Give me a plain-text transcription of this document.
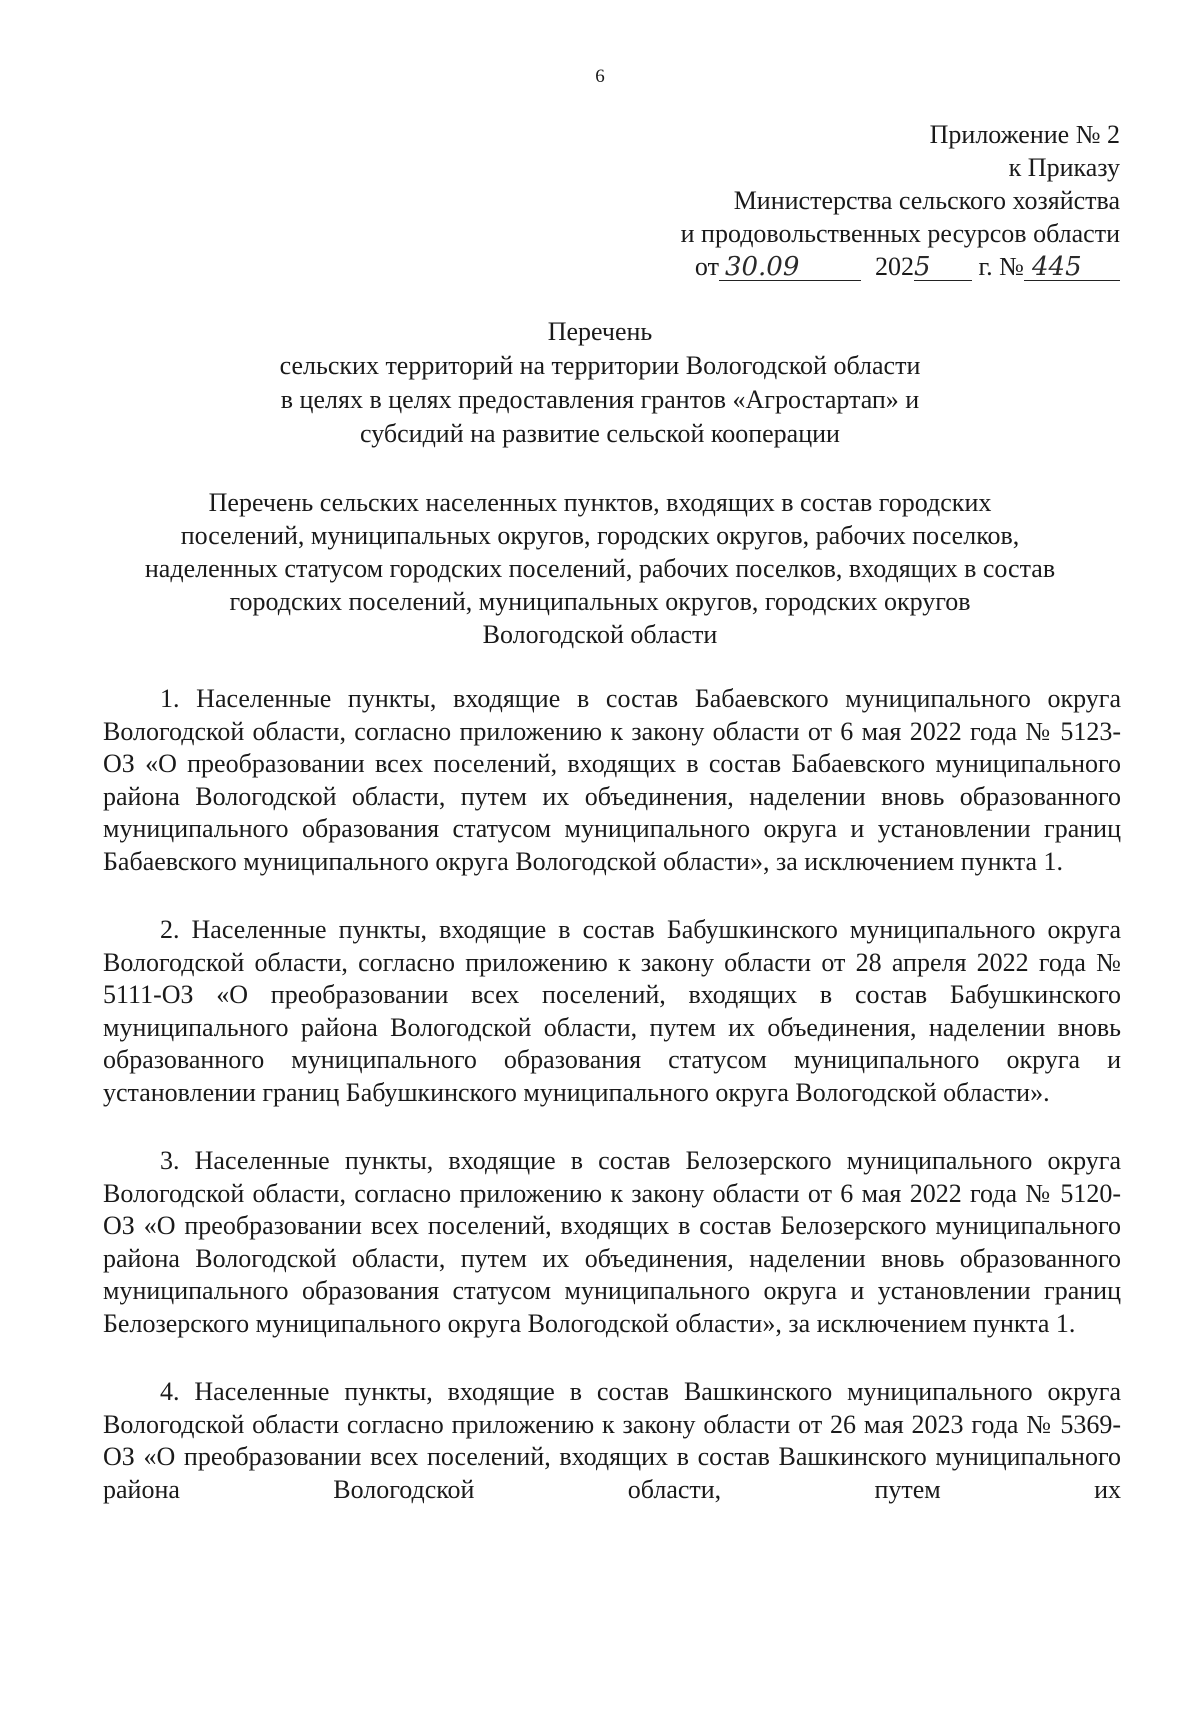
6
Приложение № 2
к Приказу
Министерства сельского хозяйства
и продовольственных ресурсов области
от 30.09	2025 г. № 445
Перечень
сельских территорий на территории Вологодской области
в целях в целях предоставления грантов «Агростартап» и
субсидий на развитие сельской кооперации
Перечень сельских населенных пунктов, входящих в состав городских
поселений, муниципальных округов, городских округов, рабочих поселков,
наделенных статусом городских поселений, рабочих поселков, входящих в состав
городских поселений, муниципальных округов, городских округов
Вологодской области

1. Населенные пункты, входящие в состав Бабаевского муниципального округа Вологодской области, согласно приложению к закону области от 6 мая 2022 года № 5123-ОЗ «О преобразовании всех поселений, входящих в состав Бабаевского муниципального района Вологодской области, путем их объединения, наделении вновь образованного муниципального образования статусом муниципального округа и установлении границ Бабаевского муниципального округа Вологодской области», за исключением пункта 1.

2. Населенные пункты, входящие в состав Бабушкинского муниципального округа Вологодской области, согласно приложению к закону области от 28 апреля 2022 года № 5111-ОЗ «О преобразовании всех поселений, входящих в состав Бабушкинского муниципального района Вологодской области, путем их объединения, наделении вновь образованного муниципального образования статусом муниципального округа и установлении границ Бабушкинского муниципального округа Вологодской области».

3. Населенные пункты, входящие в состав Белозерского муниципального округа Вологодской области, согласно приложению к закону области от 6 мая 2022 года № 5120-ОЗ «О преобразовании всех поселений, входящих в состав Белозерского муниципального района Вологодской области, путем их объединения, наделении вновь образованного муниципального образования статусом муниципального округа и установлении границ Белозерского муниципального округа Вологодской области», за исключением пункта 1.

4. Населенные пункты, входящие в состав Вашкинского муниципального округа Вологодской области согласно приложению к закону области от 26 мая 2023 года № 5369-ОЗ «О преобразовании всех поселений, входящих в состав Вашкинского муниципального района Вологодской области, путем их
